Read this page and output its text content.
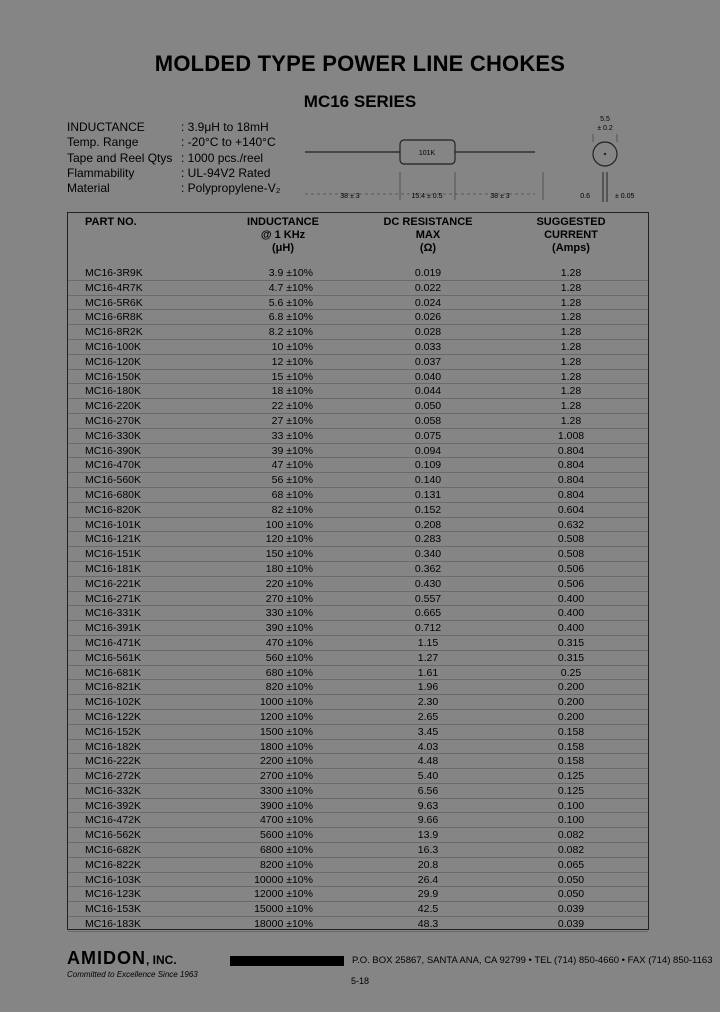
MOLDED TYPE POWER LINE CHOKES
MC16 SERIES
INDUCTANCE	: 3.9μH to 18mH
Temp. Range	: -20°C to +140°C
Tape and Reel Qtys : 1000 pcs./reel
Flammability	: UL-94V2 Rated
Material	: Polypropylene-V₂
101K
38 ± 3	15.4 ± 0.5	38 ± 3
5.5
± 0.2
0.6	± 0.05
PART NO.	INDUCTANCE
@ 1 KHz
(μH)
DC RESISTANCE
MAX
(Ω)
SUGGESTED
CURRENT
(Amps)
MC16-3R9K	3.9 ±10%	0.019	1.28
MC16-4R7K	4.7 ±10%	0.022	1.28
MC16-5R6K	5.6 ±10%	0.024	1.28
MC16-6R8K	6.8 ±10%	0.026	1.28
MC16-8R2K	8.2 ±10%	0.028	1.28
MC16-100K	10 ±10%	0.033	1.28
MC16-120K	12 ±10%	0.037	1.28
MC16-150K	15 ±10%	0.040	1.28
MC16-180K	18 ±10%	0.044	1.28
MC16-220K	22 ±10%	0.050	1.28
MC16-270K	27 ±10%	0.058	1.28
MC16-330K	33 ±10%	0.075	1.008
MC16-390K	39 ±10%	0.094	0.804
MC16-470K	47 ±10%	0.109	0.804
MC16-560K	56 ±10%	0.140	0.804
MC16-680K	68 ±10%	0.131	0.804
MC16-820K	82 ±10%	0.152	0.604
MC16-101K	100 ±10%	0.208	0.632
MC16-121K	120 ±10%	0.283	0.508
MC16-151K	150 ±10%	0.340	0.508
MC16-181K	180 ±10%	0.362	0.506
MC16-221K	220 ±10%	0.430	0.506
MC16-271K	270 ±10%	0.557	0.400
MC16-331K	330 ±10%	0.665	0.400
MC16-391K	390 ±10%	0.712	0.400
MC16-471K	470 ±10%	1.15	0.315
MC16-561K	560 ±10%	1.27	0.315
MC16-681K	680 ±10%	1.61	0.25
MC16-821K	820 ±10%	1.96	0.200
MC16-102K	1000 ±10%	2.30	0.200
MC16-122K	1200 ±10%	2.65	0.200
MC16-152K	1500 ±10%	3.45	0.158
MC16-182K	1800 ±10%	4.03	0.158
MC16-222K	2200 ±10%	4.48	0.158
MC16-272K	2700 ±10%	5.40	0.125
MC16-332K	3300 ±10%	6.56	0.125
MC16-392K	3900 ±10%	9.63	0.100
MC16-472K	4700 ±10%	9.66	0.100
MC16-562K	5600 ±10%	13.9	0.082
MC16-682K	6800 ±10%	16.3	0.082
MC16-822K	8200 ±10%	20.8	0.065
MC16-103K	10000 ±10%	26.4	0.050
MC16-123K	12000 ±10%	29.9	0.050
MC16-153K	15000 ±10%	42.5	0.039
MC16-183K	18000 ±10%	48.3	0.039
AMIDON, INC.	P.O. BOX 25867, SANTA ANA, CA 92799 • TEL (714) 850-4660 • FAX (714) 850-1163
Committed to Excellence Since 1963
5-18
